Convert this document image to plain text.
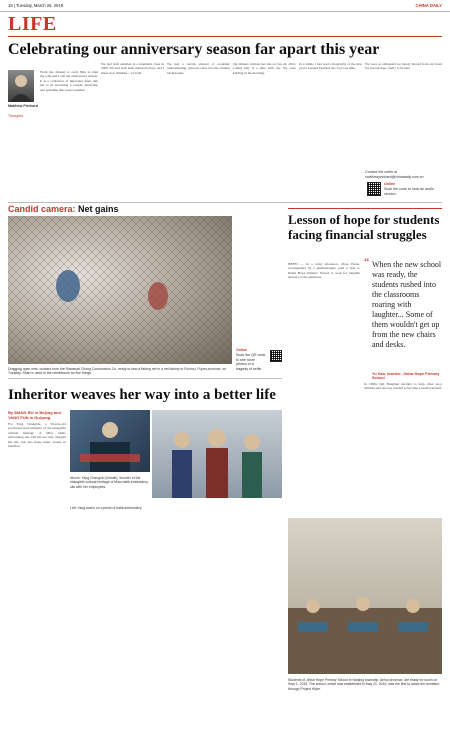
18 | Tuesday, March 26, 2019	CHINA DAILY
LIFE
Celebrating our anniversary season far apart this year
Matthew Prichard
Thoughts
From late January to early May is what my wife and I call our anniversary season. It is a collection of important dates that led to us becoming a couple, marrying, and spending nine years together.
We had both enrolled in a mandarin class in 2009. We had both been married before, and I knew how children... we both.
We had a certain amount of academic understanding, given us entry into the cultural background.
big dinners without her kin on Jan 24, 2012, Ladies Day is a time with our. We were holding in the morning.
In a while, I had read a biography of the new year's Lantern Festival, the very last time.
We were so exhausted we barely moved from our hotel for several days. Sadly to be sure.
Contact the writer at matthewprichard@chinadaily.com.cn
Online
Scan the code to hear an audio version.
Candid camera: Net gains
Online
Scan the QR code to see more photos of a tragedy of selfie
Dragging open nets, workers from the Rawanad Chong Construction Co. ready to sew a fishing net in a net factory in Fuzhou, Fujian province, on Tuesday. Shan is used to the needlework for five things.
Lesson of hope for students facing financial struggles
HEFEI — In a rainy afternoon, Zhou Yaxue, accompanied by a philanthropist, paid a visit to Jinhai Hope Primary School to look for tangible answers to the questions.
In 1990s Qin Hongmei decided to help other poor children and one day wanted to become a teacher herself.
“ When the new school was ready, the students rushed into the classrooms roaring with laughter... Some of them wouldn't get up from the new chairs and desks.
Yu Gan, teacher, Jinhai Hope Primary School
Inheritor weaves her way into a better life
By WANG RU in Beijing and YANG FUN in Guiyang
For Yang Changxiu, a 50-year-old provincial-level inheritor of the intangible cultural heritage of Miao batik-embroidery, the craft has not only changed her life, but also helps many people in Guizhou.
Above: Yang Changxiu (middle), founder of the intangible cultural heritage of Miao batik-embroidery, sits with her employees.
Left: Yang works on a piece of batik-embroidery.
Students of Jinhai Hope Primary School in Nanjing township, Anhui province, are ready for lunch on Sept 1, 2019. The school, which was established in May 21, 2016, was the first to adopt the donation-through Project Hope.
